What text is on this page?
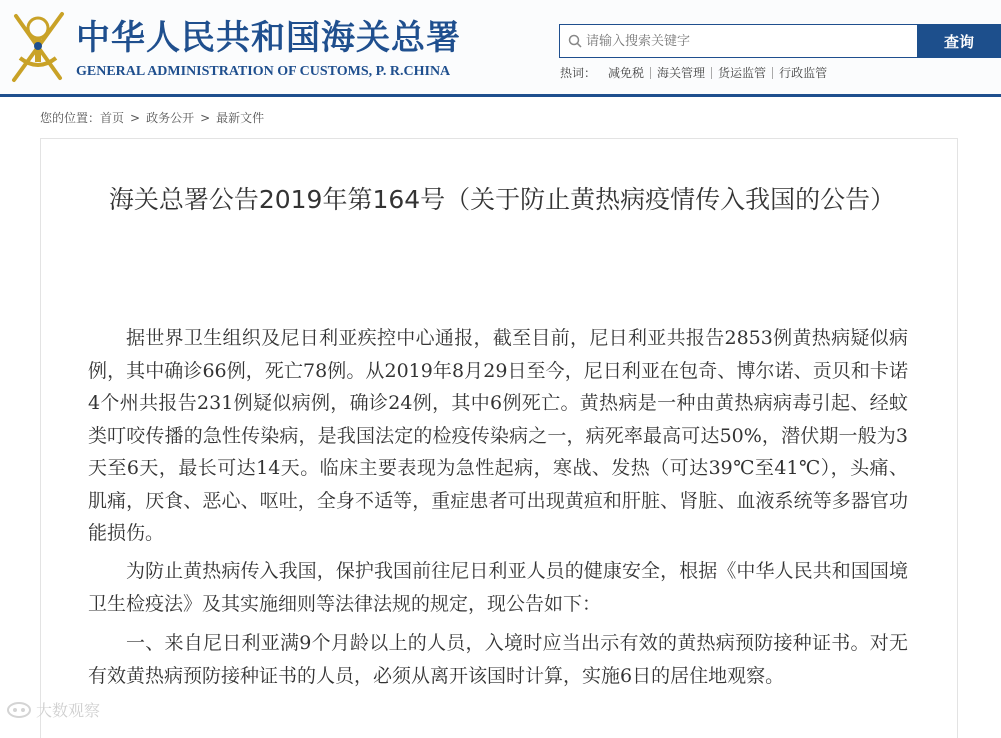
中华人民共和国海关总署
GENERAL ADMINISTRATION OF CUSTOMS, P. R.CHINA
请输入搜索关键字
查询
热词：	减免税	海关管理	货运监管	行政监管
您的位置： 首页 > 政务公开 > 最新文件
海关总署公告2019年第164号（关于防止黄热病疫情传入我国的公告）

据世界卫生组织及尼日利亚疾控中心通报，截至目前，尼日利亚共报告2853例黄热病疑似病例，其中确诊66例，死亡78例。从2019年8月29日至今，尼日利亚在包奇、博尔诺、贡贝和卡诺4个州共报告231例疑似病例，确诊24例，其中6例死亡。黄热病是一种由黄热病病毒引起、经蚊类叮咬传播的急性传染病，是我国法定的检疫传染病之一，病死率最高可达50%，潜伏期一般为3天至6天，最长可达14天。临床主要表现为急性起病，寒战、发热（可达39℃至41℃），头痛、肌痛，厌食、恶心、呕吐，全身不适等，重症患者可出现黄疸和肝脏、肾脏、血液系统等多器官功能损伤。

为防止黄热病传入我国，保护我国前往尼日利亚人员的健康安全，根据《中华人民共和国国境卫生检疫法》及其实施细则等法律法规的规定，现公告如下：

一、来自尼日利亚满9个月龄以上的人员，入境时应当出示有效的黄热病预防接种证书。对无有效黄热病预防接种证书的人员，必须从离开该国时计算，实施6日的居住地观察。

大数观察
